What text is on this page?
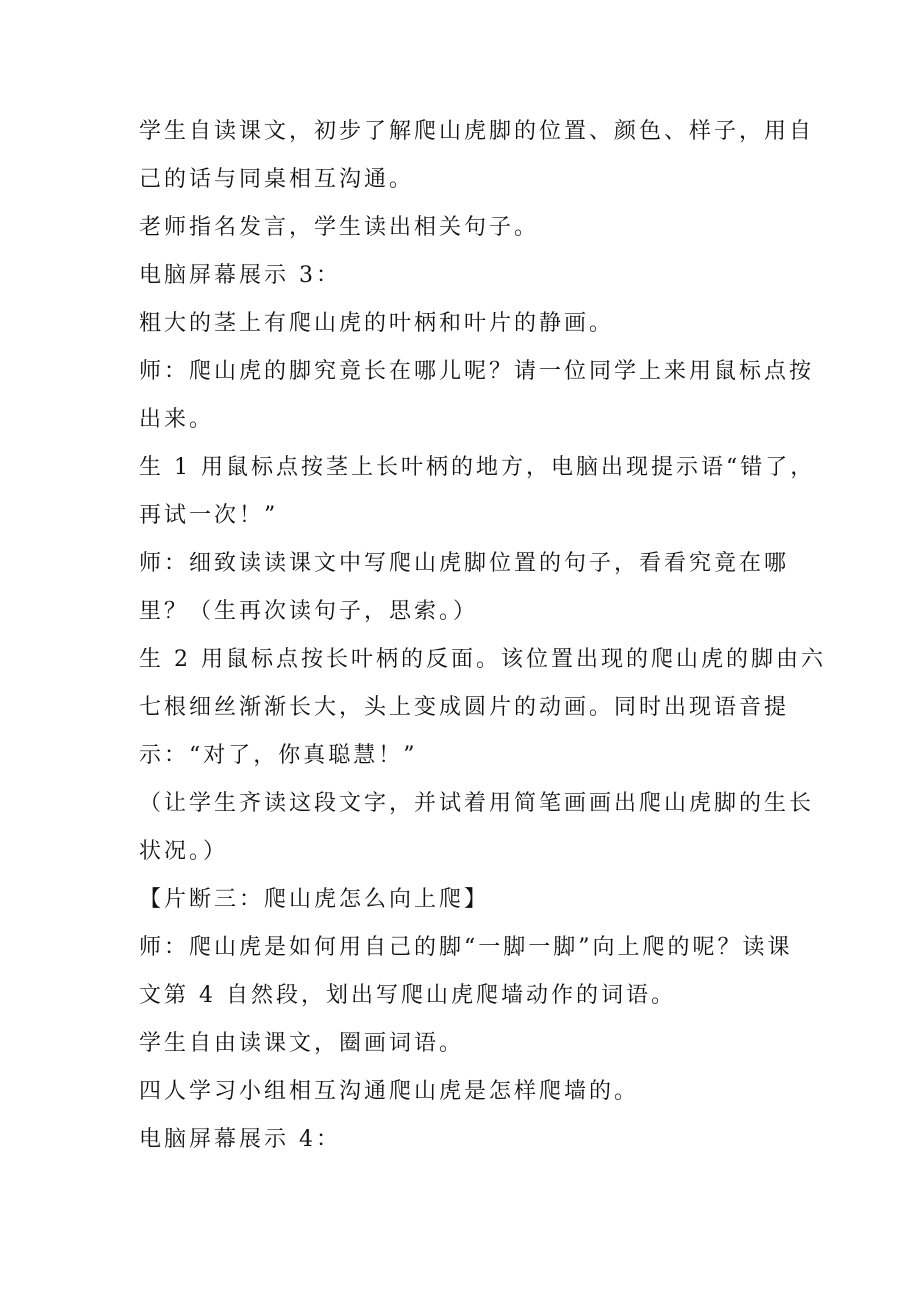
学生自读课文，初步了解爬山虎脚的位置、颜色、样子，用自
己的话与同桌相互沟通。
老师指名发言，学生读出相关句子。
电脑屏幕展示 3：
粗大的茎上有爬山虎的叶柄和叶片的静画。
师：爬山虎的脚究竟长在哪儿呢？请一位同学上来用鼠标点按
出来。
生 1 用鼠标点按茎上长叶柄的地方，电脑出现提示语“错了，
再试一次！”
师：细致读读课文中写爬山虎脚位置的句子，看看究竟在哪
里？（生再次读句子，思索。）
生 2 用鼠标点按长叶柄的反面。该位置出现的爬山虎的脚由六
七根细丝渐渐长大，头上变成圆片的动画。同时出现语音提
示：“对了，你真聪慧！”
（让学生齐读这段文字，并试着用简笔画画出爬山虎脚的生长
状况。）
【片断三：爬山虎怎么向上爬】
师：爬山虎是如何用自己的脚“一脚一脚”向上爬的呢？读课
文第 4 自然段，划出写爬山虎爬墙动作的词语。
学生自由读课文，圈画词语。
四人学习小组相互沟通爬山虎是怎样爬墙的。
电脑屏幕展示 4：
